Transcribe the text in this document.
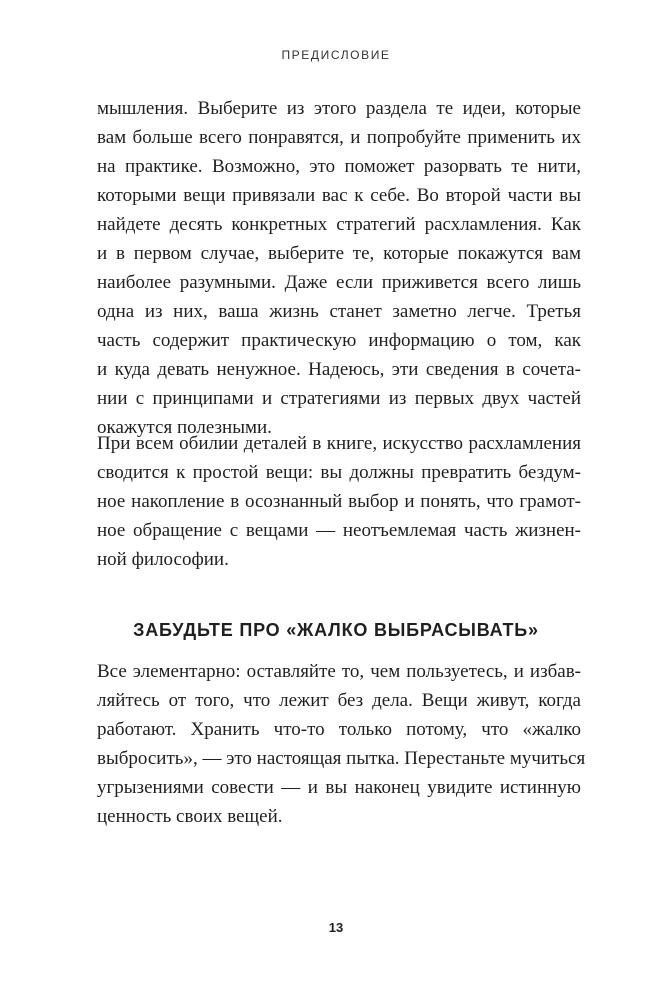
ПРЕДИСЛОВИЕ

мышления. Выберите из этого раздела те идеи, которые

вам больше всего понравятся, и попробуйте применить их

на практике. Возможно, это поможет разорвать те нити,

которыми вещи привязали вас к себе. Во второй части вы

найдете десять конкретных стратегий расхламления. Как

и в первом случае, выберите те, которые покажутся вам

наиболее разумными. Даже если приживется всего лишь

одна из них, ваша жизнь станет заметно легче. Третья

часть содержит практическую информацию о том, как

и куда девать ненужное. Надеюсь, эти сведения в сочета-

нии с принципами и стратегиями из первых двух частей

окажутся полезными.

При всем обилии деталей в книге, искусство расхламления

сводится к простой вещи: вы должны превратить бездум-

ное накопление в осознанный выбор и понять, что грамот-

ное обращение с вещами — неотъемлемая часть жизнен-

ной философии.

ЗАБУДЬТЕ ПРО «ЖАЛКО ВЫБРАСЫВАТЬ»

Все элементарно: оставляйте то, чем пользуетесь, и избав-

ляйтесь от того, что лежит без дела. Вещи живут, когда

работают. Хранить что-то только потому, что «жалко

выбросить», — это настоящая пытка. Перестаньте мучиться

угрызениями совести — и вы наконец увидите истинную

ценность своих вещей.

13
